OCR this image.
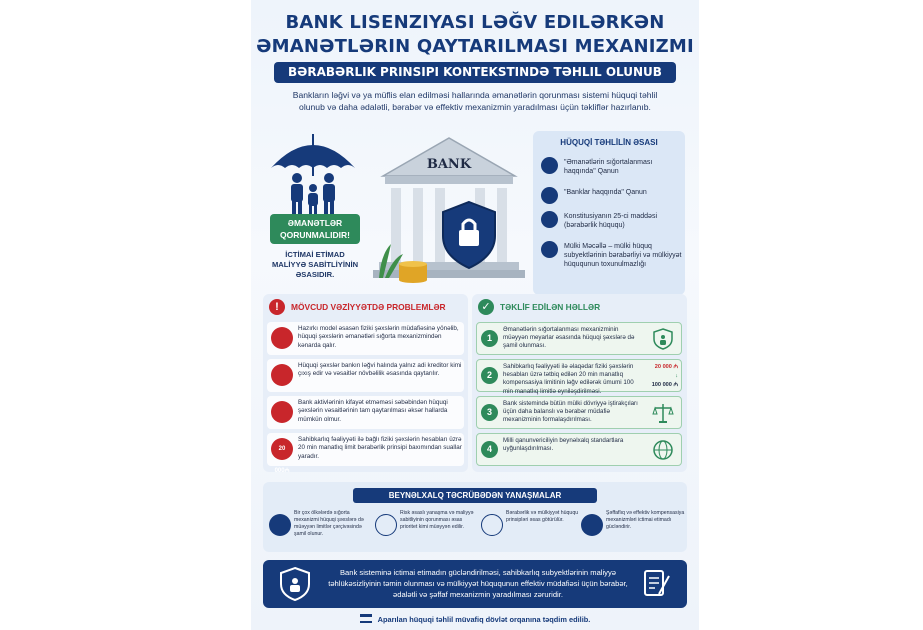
BANK LISENZIYASI LƏĞV EDILƏRKƏN
ƏMANƏTLƏRIN QAYTARILMASI MEXANIZMI
BƏRABƏRLIK PRINSIPI KONTEKSTINDƏ TƏHLIL OLUNUB
Bankların ləğvi və ya müflis elan edilməsi hallarında əmanətlərin qorunması sistemi hüquqi təhlil olunub və daha ədalətli, bərabər və effektiv mexanizmin yaradılması üçün təkliflər hazırlanıb.
ƏMANƏTLƏR
QORUNMALIDIR!
İCTİMAİ ETİMAD
MALİYYƏ SABİTLİYİNİN
ƏSASIDIR.
BANK
HÜQUQİ TƏHLİLİN ƏSASI
"Əmanətlərin sığortalanması haqqında" Qanun
"Banklar haqqında" Qanun
Konstitusiyanın 25-ci maddəsi (bərabərlik hüququ)
Mülki Məcəllə – mülki hüquq subyektlərinin bərabərliyi və mülkiyyət hüququnun toxunulmazlığı
!	MÖVCUD VƏZİYYƏTDƏ PROBLEMLƏR
Hazırkı model əsasən fiziki şəxslərin müdafiəsinə yönəlib, hüquqi şəxslərin əmanətləri sığorta mexanizmindən kənarda qalır.
Hüquqi şəxslər bankın ləğvi halında yalnız adi kreditor kimi çıxış edir və vəsaitlər növbəlilik əsasında qaytarılır.
Bank aktivlərinin kifayət etməməsi səbəbindən hüquqi şəxslərin vəsaitlərinin tam qaytarılması əksər hallarda mümkün olmur.
20 000₼
Sahibkarlıq fəaliyyəti ilə bağlı fiziki şəxslərin hesabları üzrə 20 min manatlıq limit bərabərlik prinsipi baxımından suallar yaradır.
✓	TƏKLİF EDİLƏN HƏLLƏR
1
Əmanətlərin sığortalanması mexanizminin müəyyən meyarlar əsasında hüquqi şəxslərə də şamil olunması.
2
Sahibkarlıq fəaliyyəti ilə əlaqədar fiziki şəxslərin hesabları üzrə tətbiq edilən 20 min manatlıq kompensasiya limitinin ləğv edilərək ümumi 100 min manatlıq limitlə eyniləşdirilməsi.
20 000 ₼
↓
100 000 ₼
3
Bank sistemində bütün mülki dövriyyə iştirakçıları üçün daha balanslı və bərabər müdafiə mexanizminin formalaşdırılması.
4
Milli qanunvericiliyin beynəlxalq standartlara uyğunlaşdırılması.
BEYNƏLXALQ TƏCRÜBƏDƏN YANAŞMALAR
Bir çox ölkələrdə sığorta mexanizmi hüquqi şəxslərə də müəyyən limitlər çərçivəsində şamil olunur.
Risk əsaslı yanaşma və maliyyə sabitliyinin qorunması əsas prioritet kimi müəyyən edilir.
Bərabərlik və mülkiyyət hüququ prinsipləri əsas götürülür.
Şəffaflıq və effektiv kompensasiya mexanizmləri ictimai etimadı gücləndirir.
Bank sisteminə ictimai etimadın gücləndirilməsi, sahibkarlıq subyektlərinin maliyyə təhlükəsizliyinin təmin olunması və mülkiyyət hüququnun effektiv müdafiəsi üçün bərabər, ədalətli və şəffaf mexanizmin yaradılması zəruridir.
Aparılan hüquqi təhlil müvafiq dövlət orqanına təqdim edilib.
